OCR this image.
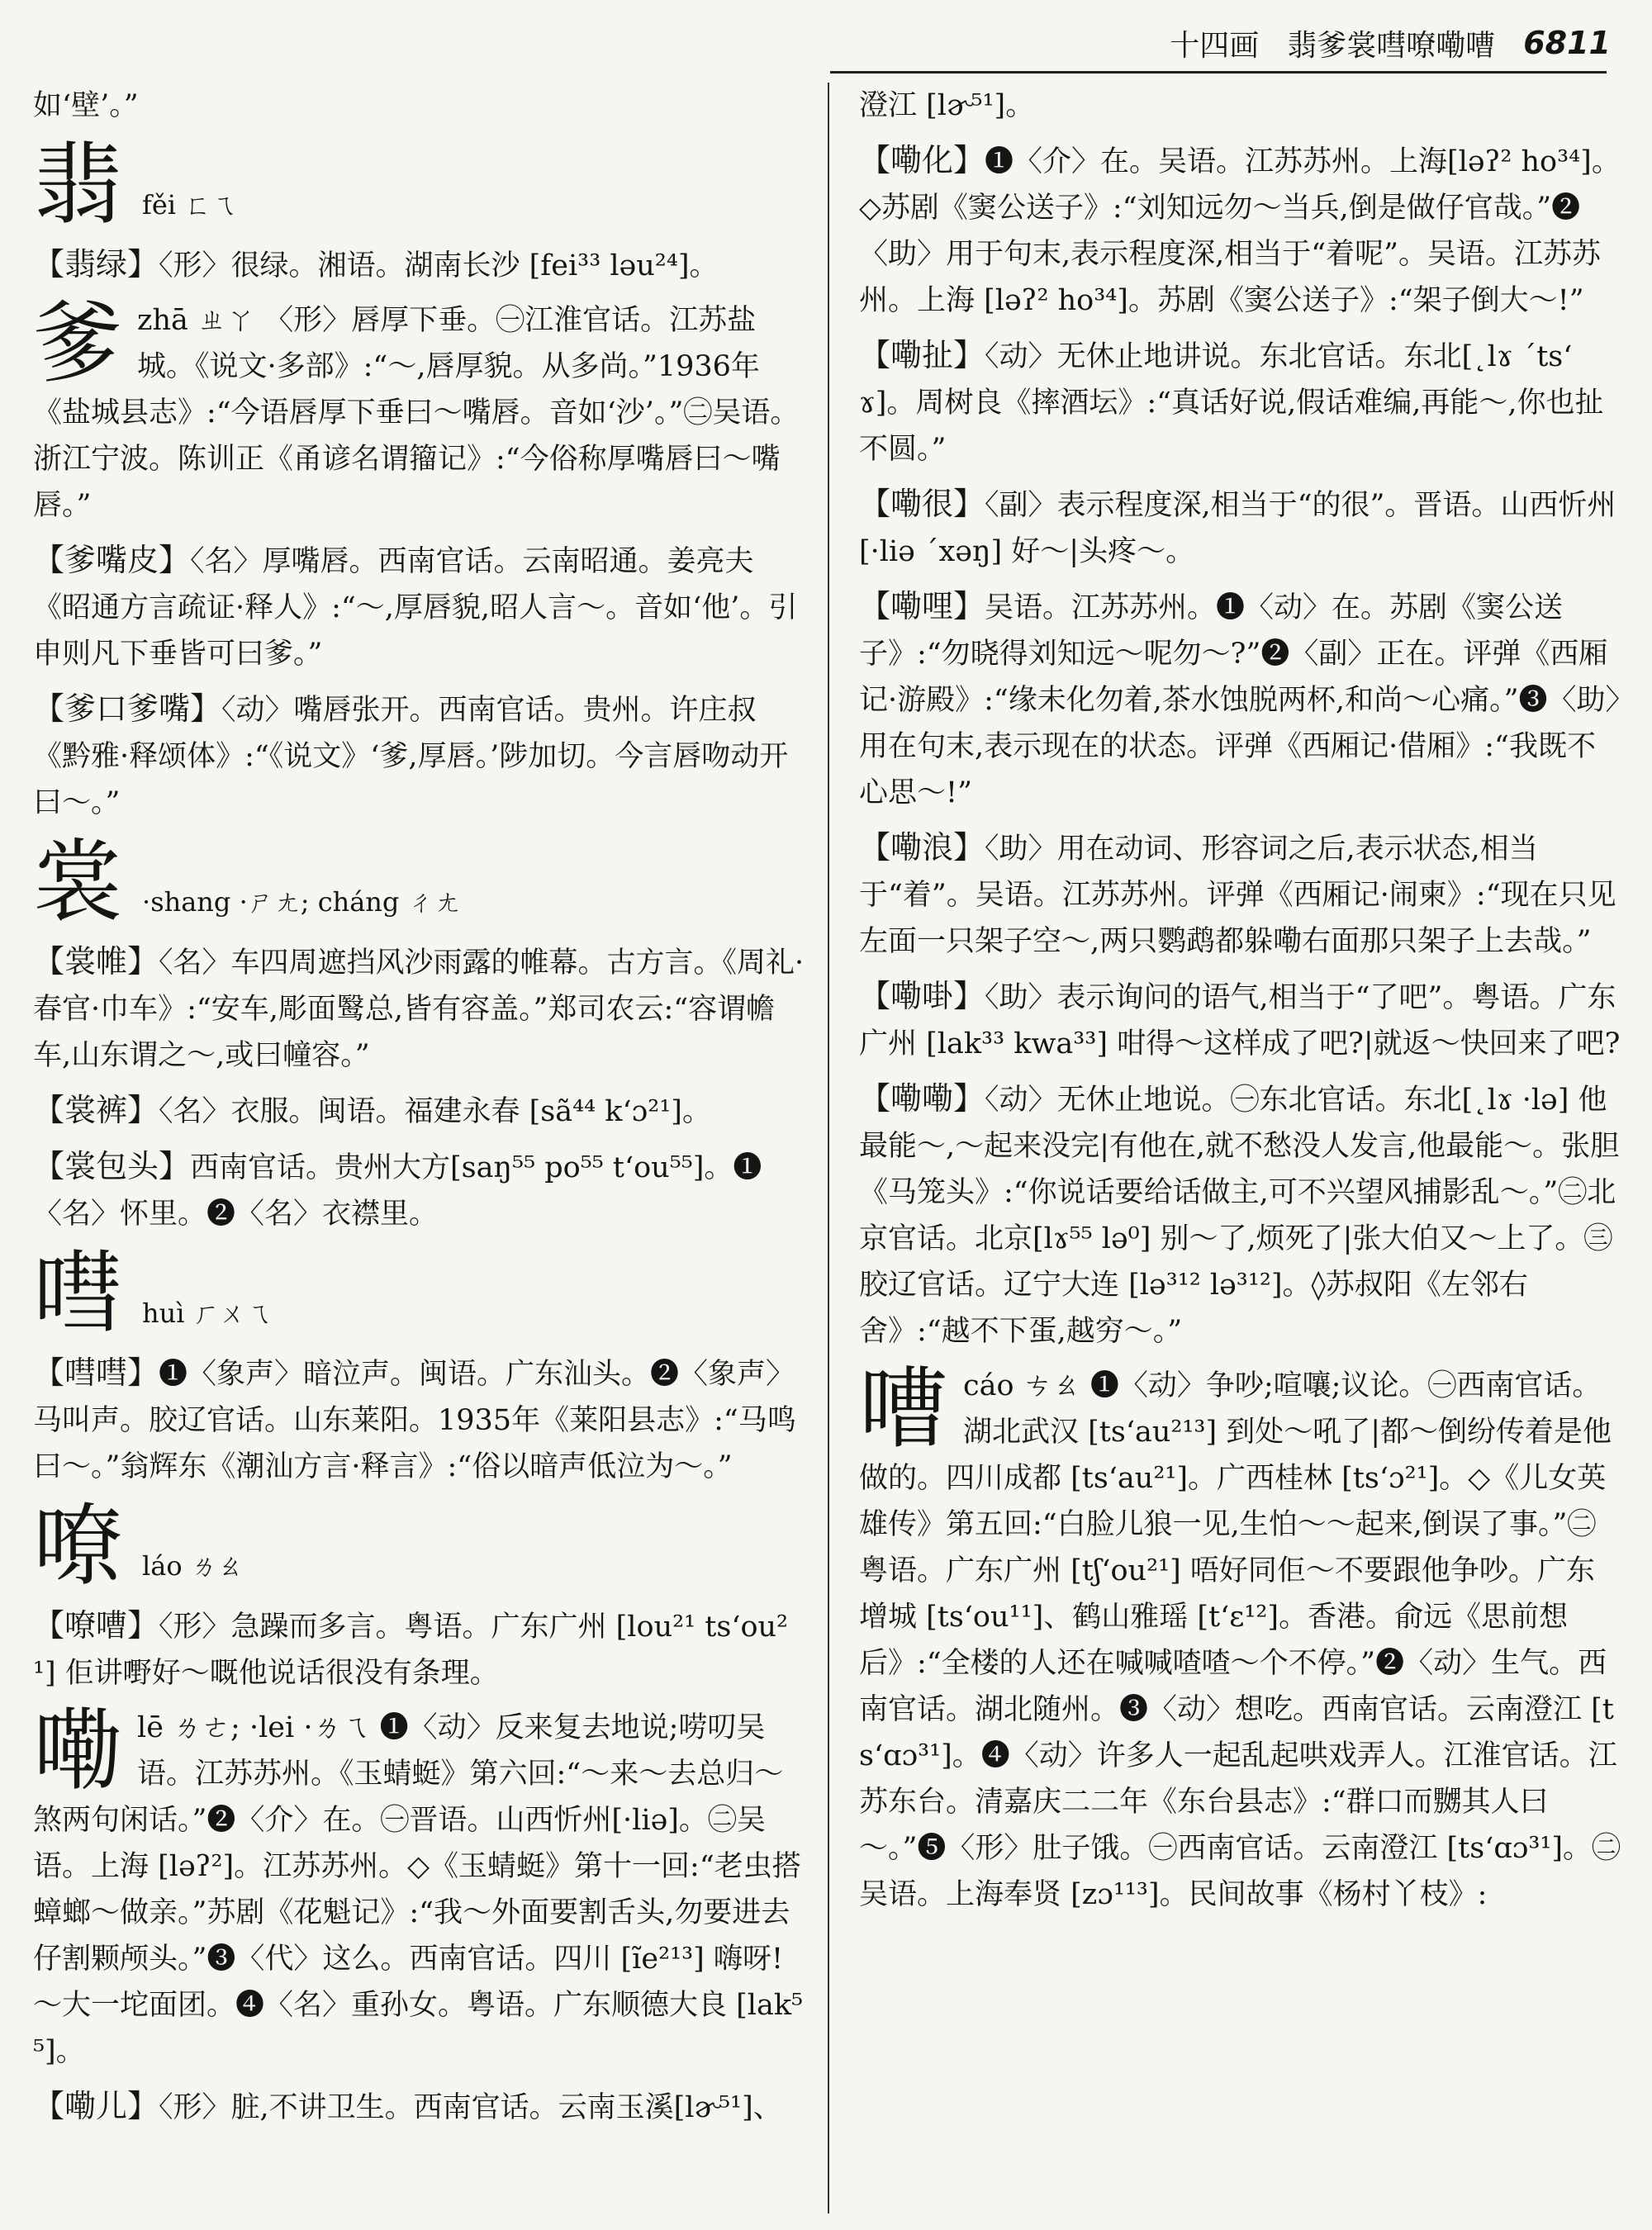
十四画 翡爹裳嘒嘹嘞嘈 6811
如‘壁’。”
翡 fěi ㄈㄟ
【翡绿】〈形〉很绿。湘语。湖南长沙 [fei³³ ləu²⁴]。
爹zhā ㄓㄚ 〈形〉唇厚下垂。㊀江淮官话。江苏盐城。《说文·多部》:“～,唇厚貌。从多尚。”1936年《盐城县志》:“今语唇厚下垂曰～嘴唇。音如‘沙’。”㊁吴语。浙江宁波。陈训正《甬谚名谓籀记》:“今俗称厚嘴唇曰～嘴唇。”
【爹嘴皮】〈名〉厚嘴唇。西南官话。云南昭通。姜亮夫《昭通方言疏证·释人》:“～,厚唇貌,昭人言～。音如‘他’。引申则凡下垂皆可曰爹。”
【爹口爹嘴】〈动〉嘴唇张开。西南官话。贵州。许庄叔《黔雅·释颂体》:“《说文》‘爹,厚唇。’陟加切。今言唇吻动开曰～。”
裳 ·shang ·ㄕㄤ; cháng ㄔㄤ
【裳帷】〈名〉车四周遮挡风沙雨露的帷幕。古方言。《周礼·春官·巾车》:“安车,彫面鹥总,皆有容盖。”郑司农云:“容谓幨车,山东谓之～,或曰幢容。”
【裳裤】〈名〉衣服。闽语。福建永春 [sã⁴⁴ kʻɔ²¹]。
【裳包头】西南官话。贵州大方[saŋ⁵⁵ po⁵⁵ tʻou⁵⁵]。❶〈名〉怀里。❷〈名〉衣襟里。
嘒 huì ㄏㄨㄟ
【嘒嘒】❶〈象声〉暗泣声。闽语。广东汕头。❷〈象声〉马叫声。胶辽官话。山东莱阳。1935年《莱阳县志》:“马鸣曰～。”翁辉东《潮汕方言·释言》:“俗以暗声低泣为～。”
嘹 láo ㄌㄠ
【嘹嘈】〈形〉急躁而多言。粤语。广东广州 [lou²¹ tsʻou²¹] 佢讲嘢好～嘅他说话很没有条理。
嘞lē ㄌㄜ; ·lei ·ㄌㄟ ❶〈动〉反来复去地说;唠叨吴语。江苏苏州。《玉蜻蜓》第六回:“～来～去总归～煞两句闲话。”❷〈介〉在。㊀晋语。山西忻州[·liə]。㊁吴语。上海 [ləʔ²]。江苏苏州。◇《玉蜻蜓》第十一回:“老虫搭蟑螂～做亲。”苏剧《花魁记》:“我～外面要割舌头,勿要进去仔割颗颅头。”❸〈代〉这么。西南官话。四川 [ĩe²¹³] 嗨呀!～大一坨面团。❹〈名〉重孙女。粤语。广东顺德大良 [lak⁵⁵]。
【嘞儿】〈形〉脏,不讲卫生。西南官话。云南玉溪[lɚ⁵¹]、
澄江 [lɚ⁵¹]。
【嘞化】❶〈介〉在。吴语。江苏苏州。上海[ləʔ² ho³⁴]。◇苏剧《窦公送子》:“刘知远勿～当兵,倒是做仔官哉。”❷〈助〉用于句末,表示程度深,相当于“着呢”。吴语。江苏苏州。上海 [ləʔ² ho³⁴]。苏剧《窦公送子》:“架子倒大～!”
【嘞扯】〈动〉无休止地讲说。东北官话。东北[˛lɤ ˊtsʻɤ]。周树良《摔酒坛》:“真话好说,假话难编,再能～,你也扯不圆。”
【嘞很】〈副〉表示程度深,相当于“的很”。晋语。山西忻州 [·liə ˊxəŋ] 好～|头疼～。
【嘞哩】吴语。江苏苏州。❶〈动〉在。苏剧《窦公送子》:“勿晓得刘知远～呢勿～?”❷〈副〉正在。评弹《西厢记·游殿》:“缘未化勿着,茶水蚀脱两杯,和尚～心痛。”❸〈助〉用在句末,表示现在的状态。评弹《西厢记·借厢》:“我既不心思～!”
【嘞浪】〈助〉用在动词、形容词之后,表示状态,相当于“着”。吴语。江苏苏州。评弹《西厢记·闹柬》:“现在只见左面一只架子空～,两只鹦鹉都躲嘞右面那只架子上去哉。”
【嘞啩】〈助〉表示询问的语气,相当于“了吧”。粤语。广东广州 [lak³³ kwa³³] 咁得～这样成了吧?|就返～快回来了吧?
【嘞嘞】〈动〉无休止地说。㊀东北官话。东北[˛lɤ ·lə] 他最能～,～起来没完|有他在,就不愁没人发言,他最能～。张胆《马笼头》:“你说话要给话做主,可不兴望风捕影乱～。”㊁北京官话。北京[lɤ⁵⁵ lə⁰] 别～了,烦死了|张大伯又～上了。㊂胶辽官话。辽宁大连 [lə³¹² lə³¹²]。◊苏叔阳《左邻右舍》:“越不下蛋,越穷～。”
嘈cáo ㄘㄠ ❶〈动〉争吵;喧嚷;议论。㊀西南官话。湖北武汉 [tsʻau²¹³] 到处～吼了|都～倒纷传着是他做的。四川成都 [tsʻau²¹]。广西桂林 [tsʻɔ²¹]。◇《儿女英雄传》第五回:“白脸儿狼一见,生怕～～起来,倒误了事。”㊁粤语。广东广州 [tʃʻou²¹] 唔好同佢～不要跟他争吵。广东增城 [tsʻou¹¹]、鹤山雅瑶 [tʻɛ¹²]。香港。俞远《思前想后》:“全楼的人还在喊喊喳喳～个不停。”❷〈动〉生气。西南官话。湖北随州。❸〈动〉想吃。西南官话。云南澄江 [tsʻɑɔ³¹]。❹〈动〉许多人一起乱起哄戏弄人。江淮官话。江苏东台。清嘉庆二二年《东台县志》:“群口而嬲其人曰～。”❺〈形〉肚子饿。㊀西南官话。云南澄江 [tsʻɑɔ³¹]。㊁吴语。上海奉贤 [zɔ¹¹³]。民间故事《杨村丫枝》:
